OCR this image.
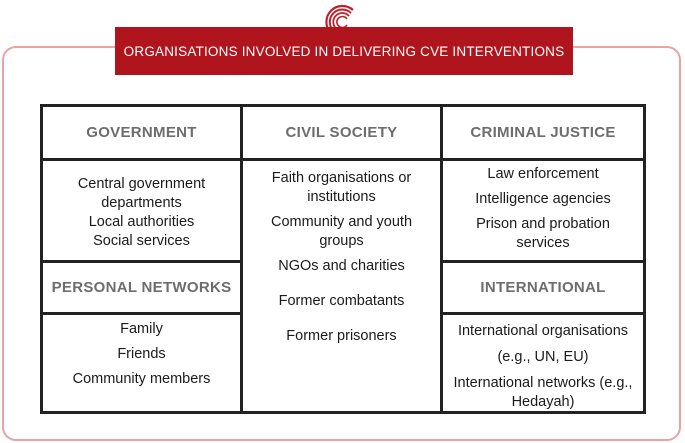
ORGANISATIONS INVOLVED IN DELIVERING CVE INTERVENTIONS
GOVERNMENT
Central government departments
Local authorities
Social services
PERSONAL NETWORKS
Family
Friends
Community members
CIVIL SOCIETY
Faith organisations or institutions
Community and youth groups
NGOs and charities
Former combatants
Former prisoners
CRIMINAL JUSTICE
Law enforcement
Intelligence agencies
Prison and probation services
INTERNATIONAL
International organisations (e.g., UN, EU)
International networks (e.g., Hedayah)
